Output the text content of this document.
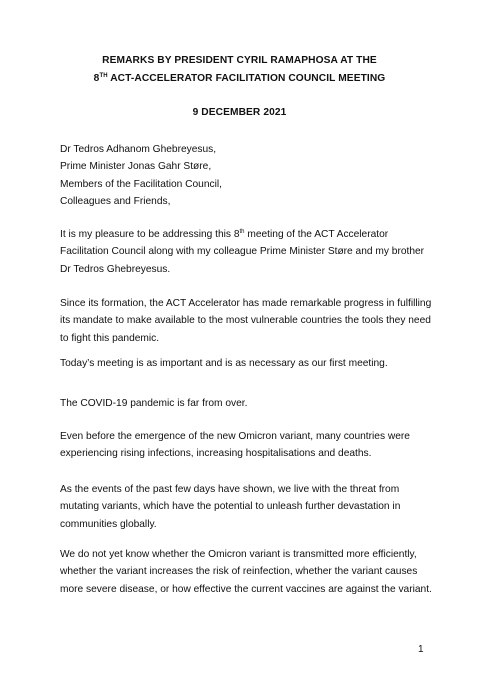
REMARKS BY PRESIDENT CYRIL RAMAPHOSA AT THE
8TH ACT-ACCELERATOR FACILITATION COUNCIL MEETING
9 DECEMBER 2021

Dr Tedros Adhanom Ghebreyesus,

Prime Minister Jonas Gahr Støre,

Members of the Facilitation Council,

Colleagues and Friends,

It is my pleasure to be addressing this 8th meeting of the ACT Accelerator Facilitation Council along with my colleague Prime Minister Støre and my brother Dr Tedros Ghebreyesus.

Since its formation, the ACT Accelerator has made remarkable progress in fulfilling its mandate to make available to the most vulnerable countries the tools they need to fight this pandemic.

Today’s meeting is as important and is as necessary as our first meeting.

The COVID-19 pandemic is far from over.

Even before the emergence of the new Omicron variant, many countries were experiencing rising infections, increasing hospitalisations and deaths.

As the events of the past few days have shown, we live with the threat from mutating variants, which have the potential to unleash further devastation in communities globally.

We do not yet know whether the Omicron variant is transmitted more efficiently, whether the variant increases the risk of reinfection, whether the variant causes more severe disease, or how effective the current vaccines are against the variant.

1
